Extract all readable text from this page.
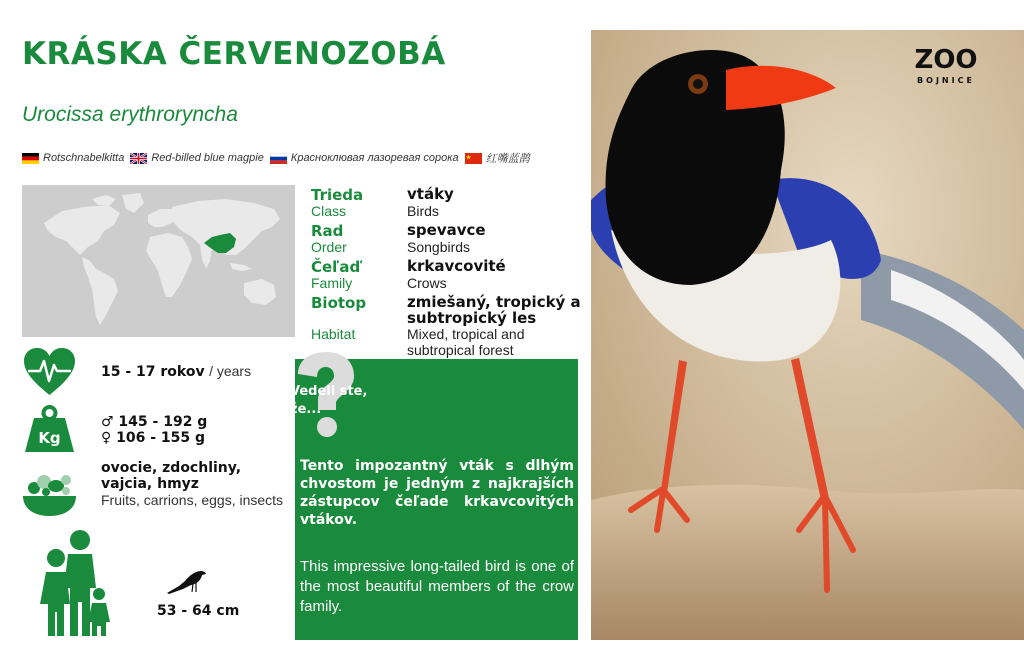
KRÁSKA ČERVENOZOBÁ
Urocissa erythroryncha
Rotschnabelkitta Red-billed blue magpie Красноклювая лазоревая сорока 红嘴蓝鹊
Trieda
Class
vtáky
Birds
Rad
Order
spevavce
Songbirds
Čeľaď
Family
krkavcovité
Crows
Biotop
Habitat
zmiešaný, tropický a subtropický les
Mixed, tropical and subtropical forest
15 - 17 rokov / years
Kg
♂ 145 - 192 g
♀ 106 - 155 g
ovocie, zdochliny, vajcia, hmyz
Fruits, carrions, eggs, insects
53 - 64 cm
Vedeli ste, že...
Tento impozantný vták s dlhým chvostom je jedným z najkrajších zástupcov čeľade krkavcovitých vtákov.
This impressive long-tailed bird is one of the most beautiful members of the crow family.
ZOO
BOJNICE
